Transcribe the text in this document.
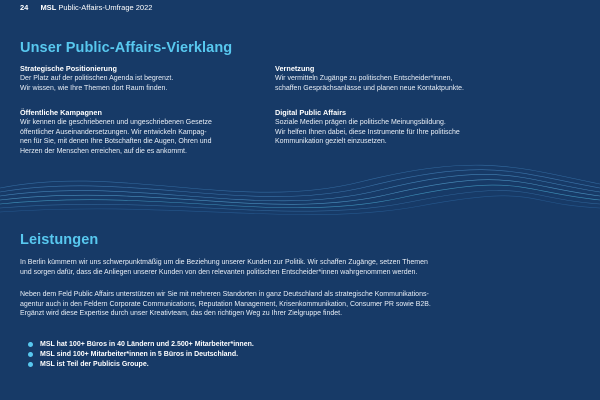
24 MSL Public-Affairs-Umfrage 2022
Unser Public-Affairs-Vierklang
Strategische Positionierung
Der Platz auf der politischen Agenda ist begrenzt.
Wir wissen, wie Ihre Themen dort Raum finden.
Öffentliche Kampagnen
Wir kennen die geschriebenen und ungeschriebenen Gesetze
öffentlicher Auseinandersetzungen. Wir entwickeln Kampag-
nen für Sie, mit denen Ihre Botschaften die Augen, Ohren und
Herzen der Menschen erreichen, auf die es ankommt.
Vernetzung
Wir vermitteln Zugänge zu politischen Entscheider*innen,
schaffen Gesprächsanlässe und planen neue Kontaktpunkte.
Digital Public Affairs
Soziale Medien prägen die politische Meinungsbildung.
Wir helfen Ihnen dabei, diese Instrumente für Ihre politische
Kommunikation gezielt einzusetzen.
Leistungen
In Berlin kümmern wir uns schwerpunktmäßig um die Beziehung unserer Kunden zur Politik. Wir schaffen Zugänge, setzen Themen
und sorgen dafür, dass die Anliegen unserer Kunden von den relevanten politischen Entscheider*innen wahrgenommen werden.
Neben dem Feld Public Affairs unterstützen wir Sie mit mehreren Standorten in ganz Deutschland als strategische Kommunikations-
agentur auch in den Feldern Corporate Communications, Reputation Management, Krisenkommunikation, Consumer PR sowie B2B.
Ergänzt wird diese Expertise durch unser Kreativteam, das den richtigen Weg zu Ihrer Zielgruppe findet.
MSL hat 100+ Büros in 40 Ländern und 2.500+ Mitarbeiter*innen.
MSL sind 100+ Mitarbeiter*innen in 5 Büros in Deutschland.
MSL ist Teil der Publicis Groupe.
